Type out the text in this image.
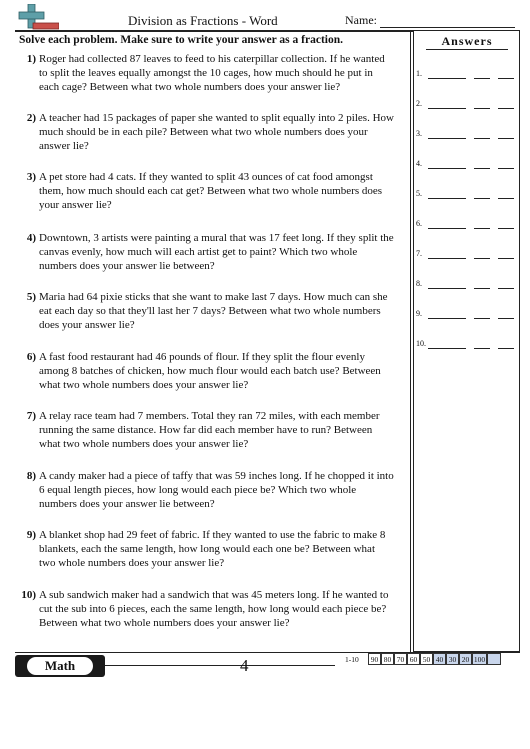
Division as Fractions - Word	Name:
Solve each problem. Make sure to write your answer as a fraction.
1) Roger had collected 87 leaves to feed to his caterpillar collection. If he wanted to split the leaves equally amongst the 10 cages, how much should he put in each cage? Between what two whole numbers does your answer lie?
2) A teacher had 15 packages of paper she wanted to split equally into 2 piles. How much should be in each pile? Between what two whole numbers does your answer lie?
3) A pet store had 4 cats. If they wanted to split 43 ounces of cat food amongst them, how much should each cat get? Between what two whole numbers does your answer lie?
4) Downtown, 3 artists were painting a mural that was 17 feet long. If they split the canvas evenly, how much will each artist get to paint? Which two whole numbers does your answer lie between?
5) Maria had 64 pixie sticks that she want to make last 7 days. How much can she eat each day so that they'll last her 7 days? Between what two whole numbers does your answer lie?
6) A fast food restaurant had 46 pounds of flour. If they split the flour evenly among 8 batches of chicken, how much flour would each batch use? Between what two whole numbers does your answer lie?
7) A relay race team had 7 members. Total they ran 72 miles, with each member running the same distance. How far did each member have to run? Between what two whole numbers does your answer lie?
8) A candy maker had a piece of taffy that was 59 inches long. If he chopped it into 6 equal length pieces, how long would each piece be? Which two whole numbers does your answer lie between?
9) A blanket shop had 29 feet of fabric. If they wanted to use the fabric to make 8 blankets, each the same length, how long would each one be? Between what two whole numbers does your answer lie?
10) A sub sandwich maker had a sandwich that was 45 meters long. If he wanted to cut the sub into 6 pieces, each the same length, how long would each piece be? Between what two whole numbers does your answer lie?
Answers
1.
2.
3.
4.
5.
6.
7.
8.
9.
10.
Math	4	1-10	90 80 70 60 50 40 30 20 100
